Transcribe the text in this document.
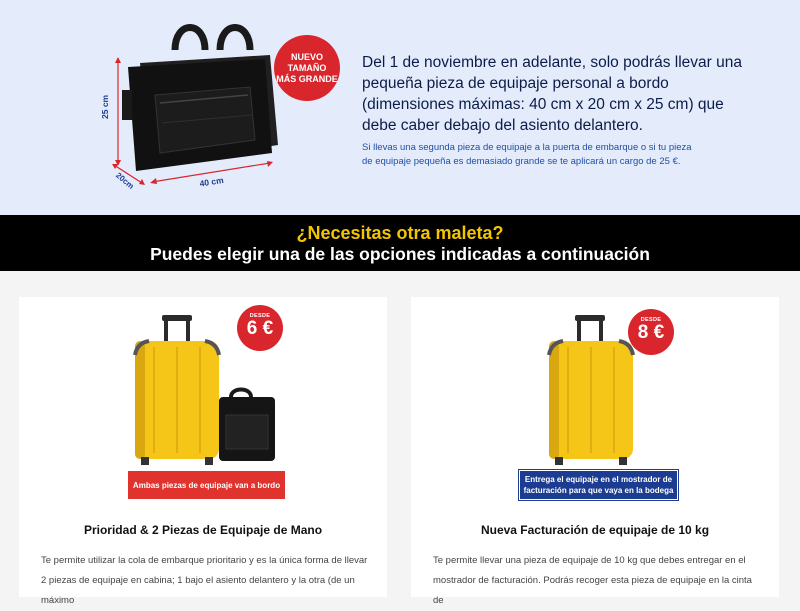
25 cm
20cm	40 cm
NUEVO
TAMAÑO
MÁS GRANDE

Del 1 de noviembre en adelante, solo podrás llevar una pequeña pieza de equipaje personal a bordo (dimensiones máximas: 40 cm x 20 cm x 25 cm) que debe caber debajo del asiento delantero.

Si llevas una segunda pieza de equipaje a la puerta de embarque o si tu pieza de equipaje pequeña es demasiado grande se te aplicará un cargo de 25 €.

¿Necesitas otra maleta?
Puedes elegir una de las opciones indicadas a continuación
DESDE
6 €
Ambas piezas de equipaje van a bordo
Prioridad & 2 Piezas de Equipaje de Mano

Te permite utilizar la cola de embarque prioritario y es la única forma de llevar 2 piezas de equipaje en cabina; 1 bajo el asiento delantero y la otra (de un máximo

DESDE
8 €
Entrega el equipaje en el mostrador de facturación para que vaya en la bodega
Nueva Facturación de equipaje de 10 kg

Te permite llevar una pieza de equipaje de 10 kg que debes entregar en el mostrador de facturación. Podrás recoger esta pieza de equipaje en la cinta de
